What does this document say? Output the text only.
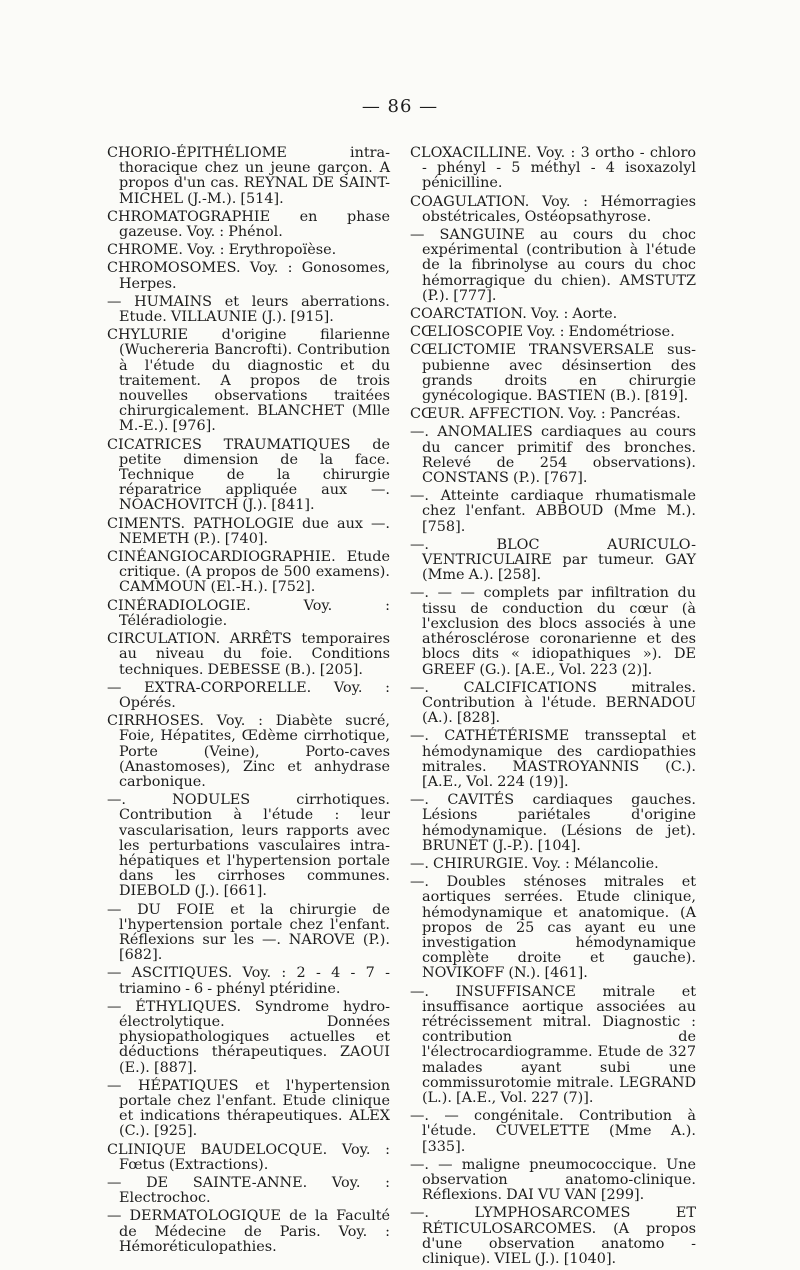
— 86 —

CHORIO-ÉPITHÉLIOME intra-thoracique chez un jeune garçon. A propos d'un cas. REYNAL DE SAINT-MICHEL (J.-M.). [514].

CHROMATOGRAPHIE en phase gazeuse. Voy. : Phénol.

CHROME. Voy. : Erythropoïèse.

CHROMOSOMES. Voy. : Gonosomes, Herpes.

— HUMAINS et leurs aberrations. Etude. VILLAUNIE (J.). [915].

CHYLURIE d'origine filarienne (Wuchereria Bancrofti). Contribution à l'étude du diagnostic et du traitement. A propos de trois nouvelles observations traitées chirurgicalement. BLANCHET (Mlle M.-E.). [976].

CICATRICES TRAUMATIQUES de petite dimension de la face. Technique de la chirurgie réparatrice appliquée aux —. NOACHOVITCH (J.). [841].

CIMENTS. PATHOLOGIE due aux —. NEMETH (P.). [740].

CINÉANGIOCARDIOGRAPHIE. Etude critique. (A propos de 500 examens). CAMMOUN (El.-H.). [752].

CINÉRADIOLOGIE. Voy. : Téléradiologie.

CIRCULATION. ARRÊTS temporaires au niveau du foie. Conditions techniques. DEBESSE (B.). [205].

— EXTRA-CORPORELLE. Voy. : Opérés.

CIRRHOSES. Voy. : Diabète sucré, Foie, Hépatites, Œdème cirrhotique, Porte (Veine), Porto-caves (Anastomoses), Zinc et anhydrase carbonique.

—. NODULES cirrhotiques. Contribution à l'étude : leur vascularisation, leurs rapports avec les perturbations vasculaires intra-hépatiques et l'hypertension portale dans les cirrhoses communes. DIEBOLD (J.). [661].

— DU FOIE et la chirurgie de l'hypertension portale chez l'enfant. Réflexions sur les —. NAROVE (P.). [682].

— ASCITIQUES. Voy. : 2 - 4 - 7 - triamino - 6 - phényl ptéridine.

— ÉTHYLIQUES. Syndrome hydro-électrolytique. Données physiopathologiques actuelles et déductions thérapeutiques. ZAOUI (E.). [887].

— HÉPATIQUES et l'hypertension portale chez l'enfant. Etude clinique et indications thérapeutiques. ALEX (C.). [925].

CLINIQUE BAUDELOCQUE. Voy. : Fœtus (Extractions).

— DE SAINTE-ANNE. Voy. : Electrochoc.

— DERMATOLOGIQUE de la Faculté de Médecine de Paris. Voy. : Hémoréticulopathies.

CLOXACILLINE. Voy. : 3 ortho - chloro - phényl - 5 méthyl - 4 isoxazolyl pénicilline.

COAGULATION. Voy. : Hémorragies obstétricales, Ostéopsathyrose.

— SANGUINE au cours du choc expérimental (contribution à l'étude de la fibrinolyse au cours du choc hémorragique du chien). AMSTUTZ (P.). [777].

COARCTATION. Voy. : Aorte.

CŒLIOSCOPIE Voy. : Endométriose.

CŒLICTOMIE TRANSVERSALE sus-pubienne avec désinsertion des grands droits en chirurgie gynécologique. BASTIEN (B.). [819].

CŒUR. AFFECTION. Voy. : Pancréas.

—. ANOMALIES cardiaques au cours du cancer primitif des bronches. Relevé de 254 observations). CONSTANS (P.). [767].

—. Atteinte cardiaque rhumatismale chez l'enfant. ABBOUD (Mme M.). [758].

—. BLOC AURICULO-VENTRICULAIRE par tumeur. GAY (Mme A.). [258].

—. — — complets par infiltration du tissu de conduction du cœur (à l'exclusion des blocs associés à une athérosclérose coronarienne et des blocs dits « idiopathiques »). DE GREEF (G.). [A.E., Vol. 223 (2)].

—. CALCIFICATIONS mitrales. Contribution à l'étude. BERNADOU (A.). [828].

—. CATHÉTÉRISME transseptal et hémodynamique des cardiopathies mitrales. MASTROYANNIS (C.). [A.E., Vol. 224 (19)].

—. CAVITÉS cardiaques gauches. Lésions pariétales d'origine hémodynamique. (Lésions de jet). BRUNET (J.-P.). [104].

—. CHIRURGIE. Voy. : Mélancolie.

—. Doubles sténoses mitrales et aortiques serrées. Etude clinique, hémodynamique et anatomique. (A propos de 25 cas ayant eu une investigation hémodynamique complète droite et gauche). NOVIKOFF (N.). [461].

—. INSUFFISANCE mitrale et insuffisance aortique associées au rétrécissement mitral. Diagnostic : contribution de l'électrocardiogramme. Etude de 327 malades ayant subi une commissurotomie mitrale. LEGRAND (L.). [A.E., Vol. 227 (7)].

—. — congénitale. Contribution à l'étude. CUVELETTE (Mme A.). [335].

—. — maligne pneumococcique. Une observation anatomo-clinique. Réflexions. DAI VU VAN [299].

—. LYMPHOSARCOMES ET RÉTICULOSARCOMES. (A propos d'une observation anatomo - clinique). VIEL (J.). [1040].
